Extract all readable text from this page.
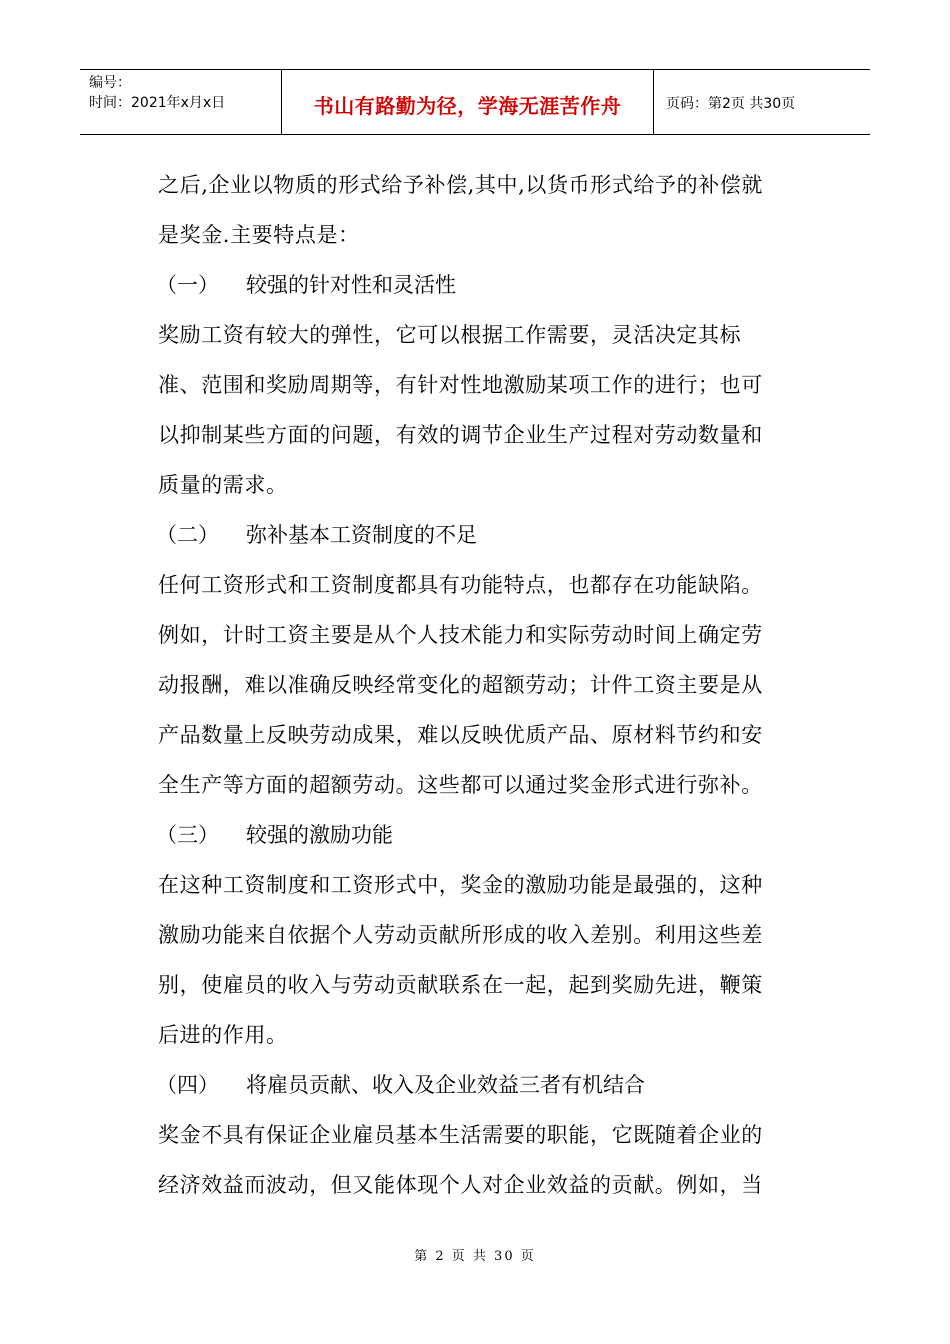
编号：
时间：2021年x月x日	书山有路勤为径，学海无涯苦作舟	页码：第2页 共30页
之后,企业以物质的形式给予补偿,其中,以货币形式给予的补偿就
是奖金.主要特点是：
（一） 较强的针对性和灵活性
奖励工资有较大的弹性，它可以根据工作需要，灵活决定其标
准、范围和奖励周期等，有针对性地激励某项工作的进行；也可
以抑制某些方面的问题，有效的调节企业生产过程对劳动数量和
质量的需求。
（二） 弥补基本工资制度的不足
任何工资形式和工资制度都具有功能特点，也都存在功能缺陷。
例如，计时工资主要是从个人技术能力和实际劳动时间上确定劳
动报酬，难以准确反映经常变化的超额劳动；计件工资主要是从
产品数量上反映劳动成果，难以反映优质产品、原材料节约和安
全生产等方面的超额劳动。这些都可以通过奖金形式进行弥补。
（三） 较强的激励功能
在这种工资制度和工资形式中，奖金的激励功能是最强的，这种
激励功能来自依据个人劳动贡献所形成的收入差别。利用这些差
别，使雇员的收入与劳动贡献联系在一起，起到奖励先进，鞭策
后进的作用。
（四） 将雇员贡献、收入及企业效益三者有机结合
奖金不具有保证企业雇员基本生活需要的职能，它既随着企业的
经济效益而波动，但又能体现个人对企业效益的贡献。例如，当
第 2 页 共 30 页
